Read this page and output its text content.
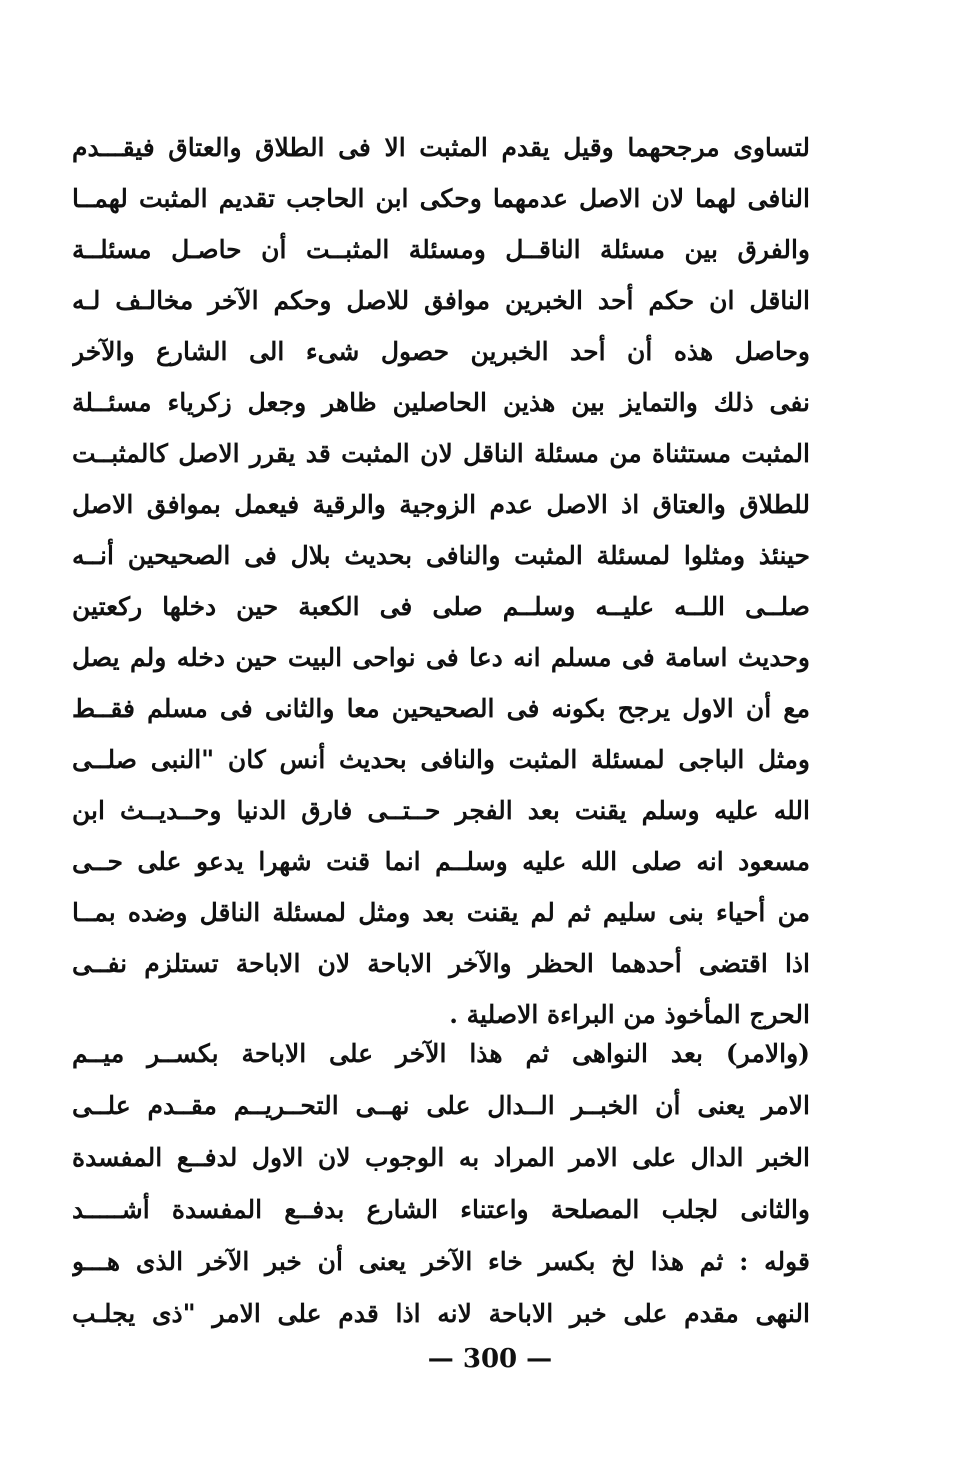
لتساوى مرجحهما وقيل يقدم المثبت الا فى الطلاق والعتاق فيقـــدم
النافى لهما لان الاصل عدمهما وحكى ابن الحاجب تقديم المثبت لهمــا
والفرق بين مسئلة الناقــل ومسئلة المثبــت أن حاصـل مسئلــة
الناقل ان حكم أحد الخبرين موافق للاصل وحكم الآخر مخالـف لـه
وحاصل هذه أن أحد الخبرين حصول شىء الى الشارع والآخر
نفى ذلك والتمايز بين هذين الحاصلين ظاهر وجعل زكرياء مسئــلة
المثبت مستثناة من مسئلة الناقل لان المثبت قد يقرر الاصل كالمثبــت
للطلاق والعتاق اذ الاصل عدم الزوجية والرقية فيعمل بموافق الاصل
حينئذ ومثلوا لمسئلة المثبت والنافى بحديث بلال فى الصحيحين أنــه
صلــى اللــه عليــه وسلــم صلى فى الكعبة حين دخلها ركعتين
وحديث اسامة فى مسلم انه دعا فى نواحى البيت حين دخله ولم يصل
مع أن الاول يرجح بكونه فى الصحيحين معا والثانى فى مسلم فقــط
ومثل الباجى لمسئلة المثبت والنافى بحديث أنس كان "النبى صلــى
الله عليه وسلم يقنت بعد الفجر حــتــى فارق الدنيا وحــديــث ابن
مسعود انه صلى الله عليه وسلــم انما قنت شهرا يدعو على حــى
من أحياء بنى سليم ثم لم يقنت بعد ومثل لمسئلة الناقل وضده بمــا
اذا اقتضى أحدهما الحظر والآخر الاباحة لان الاباحة تستلزم نفــى
الحرج المأخوذ من البراءة الاصلية .
(والامر) بعد النواهى ثم هذا الآخر على الاباحة بكســر ميــم
الامر يعنى أن الخبــر الــدال على نهــى التحــريــم مقــدم علــى
الخبر الدال على الامر المراد به الوجوب لان الاول لدفــع المفسدة
والثانى لجلب المصلحة واعتناء الشارع بدفــع المفسدة أشـــــد
قوله : ثم هذا لخ بكسر خاء الآخر يعنى أن خبر الآخر الذى هـــو
النهى مقدم على خبر الاباحة لانه اذا قدم على الامر "ذى يجلـب
— 300 —
